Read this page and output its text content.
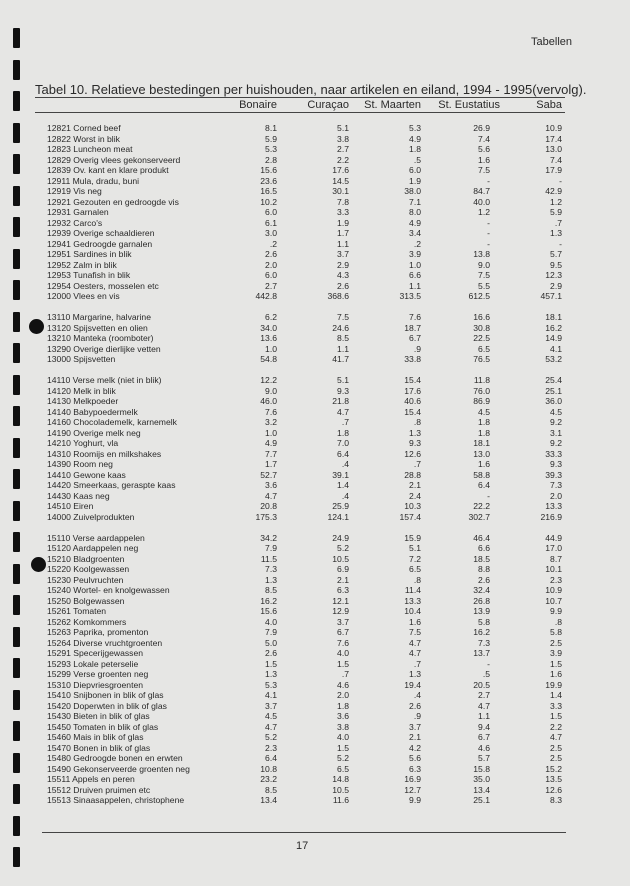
Tabellen
Tabel 10. Relatieve bestedingen per huishouden, naar artikelen en eiland, 1994 - 1995(vervolg).
Bonaire	Curaçao	St. Maarten	St. Eustatius	Saba
12821 Corned beef	8.1	5.1	5.3	26.9	10.9
12822 Worst in blik	5.9	3.8	4.9	7.4	17.4
12823 Luncheon meat	5.3	2.7	1.8	5.6	13.0
12829 Overig vlees gekonserveerd	2.8	2.2	.5	1.6	7.4
12839 Ov. kant en klare produkt	15.6	17.6	6.0	7.5	17.9
12911 Mula, dradu, buni	23.6	14.5	1.9	-	-
12919 Vis neg	16.5	30.1	38.0	84.7	42.9
12921 Gezouten en gedroogde vis	10.2	7.8	7.1	40.0	1.2
12931 Garnalen	6.0	3.3	8.0	1.2	5.9
12932 Carco's	6.1	1.9	4.9	-	.7
12939 Overige schaaldieren	3.0	1.7	3.4	-	1.3
12941 Gedroogde garnalen	.2	1.1	.2	-	-
12951 Sardines in blik	2.6	3.7	3.9	13.8	5.7
12952 Zalm in blik	2.0	2.9	1.0	9.0	9.5
12953 Tunafish in blik	6.0	4.3	6.6	7.5	12.3
12954 Oesters, mosselen etc	2.7	2.6	1.1	5.5	2.9
12000 Vlees en vis	442.8	368.6	313.5	612.5	457.1
13110 Margarine, halvarine	6.2	7.5	7.6	16.6	18.1
13120 Spijsvetten en olien	34.0	24.6	18.7	30.8	16.2
13210 Manteka (roomboter)	13.6	8.5	6.7	22.5	14.9
13290 Overige dierlijke vetten	1.0	1.1	.9	6.5	4.1
13000 Spijsvetten	54.8	41.7	33.8	76.5	53.2
14110 Verse melk (niet in blik)	12.2	5.1	15.4	11.8	25.4
14120 Melk in blik	9.0	9.3	17.6	76.0	25.1
14130 Melkpoeder	46.0	21.8	40.6	86.9	36.0
14140 Babypoedermelk	7.6	4.7	15.4	4.5	4.5
14160 Chocolademelk, karnemelk	3.2	.7	.8	1.8	9.2
14190 Overige melk neg	1.0	1.8	1.3	1.8	3.1
14210 Yoghurt, vla	4.9	7.0	9.3	18.1	9.2
14310 Roomijs en milkshakes	7.7	6.4	12.6	13.0	33.3
14390 Room neg	1.7	.4	.7	1.6	9.3
14410 Gewone kaas	52.7	39.1	28.8	58.8	39.3
14420 Smeerkaas, geraspte kaas	3.6	1.4	2.1	6.4	7.3
14430 Kaas neg	4.7	.4	2.4	-	2.0
14510 Eiren	20.8	25.9	10.3	22.2	13.3
14000 Zuivelprodukten	175.3	124.1	157.4	302.7	216.9
15110 Verse aardappelen	34.2	24.9	15.9	46.4	44.9
15120 Aardappelen neg	7.9	5.2	5.1	6.6	17.0
15210 Bladgroenten	11.5	10.5	7.2	18.5	8.7
15220 Koolgewassen	7.3	6.9	6.5	8.8	10.1
15230 Peulvruchten	1.3	2.1	.8	2.6	2.3
15240 Wortel- en knolgewassen	8.5	6.3	11.4	32.4	10.9
15250 Bolgewassen	16.2	12.1	13.3	26.8	10.7
15261 Tomaten	15.6	12.9	10.4	13.9	9.9
15262 Komkommers	4.0	3.7	1.6	5.8	.8
15263 Paprika, promenton	7.9	6.7	7.5	16.2	5.8
15264 Diverse vruchtgroenten	5.0	7.6	4.7	7.3	2.5
15291 Specerijgewassen	2.6	4.0	4.7	13.7	3.9
15293 Lokale peterselie	1.5	1.5	.7	-	1.5
15299 Verse groenten neg	1.3	.7	1.3	.5	1.6
15310 Diepvriesgroenten	5.3	4.6	19.4	20.5	19.9
15410 Snijbonen in blik of glas	4.1	2.0	.4	2.7	1.4
15420 Doperwten in blik of glas	3.7	1.8	2.6	4.7	3.3
15430 Bieten in blik of glas	4.5	3.6	.9	1.1	1.5
15450 Tomaten in blik of glas	4.7	3.8	3.7	9.4	2.2
15460 Mais in blik of glas	5.2	4.0	2.1	6.7	4.7
15470 Bonen in blik of glas	2.3	1.5	4.2	4.6	2.5
15480 Gedroogde bonen en erwten	6.4	5.2	5.6	5.7	2.5
15490 Gekonserveerde groenten neg	10.8	6.5	6.3	15.8	15.2
15511 Appels en peren	23.2	14.8	16.9	35.0	13.5
15512 Druiven pruimen etc	8.5	10.5	12.7	13.4	12.6
15513 Sinaasappelen, christophene	13.4	11.6	9.9	25.1	8.3
17
